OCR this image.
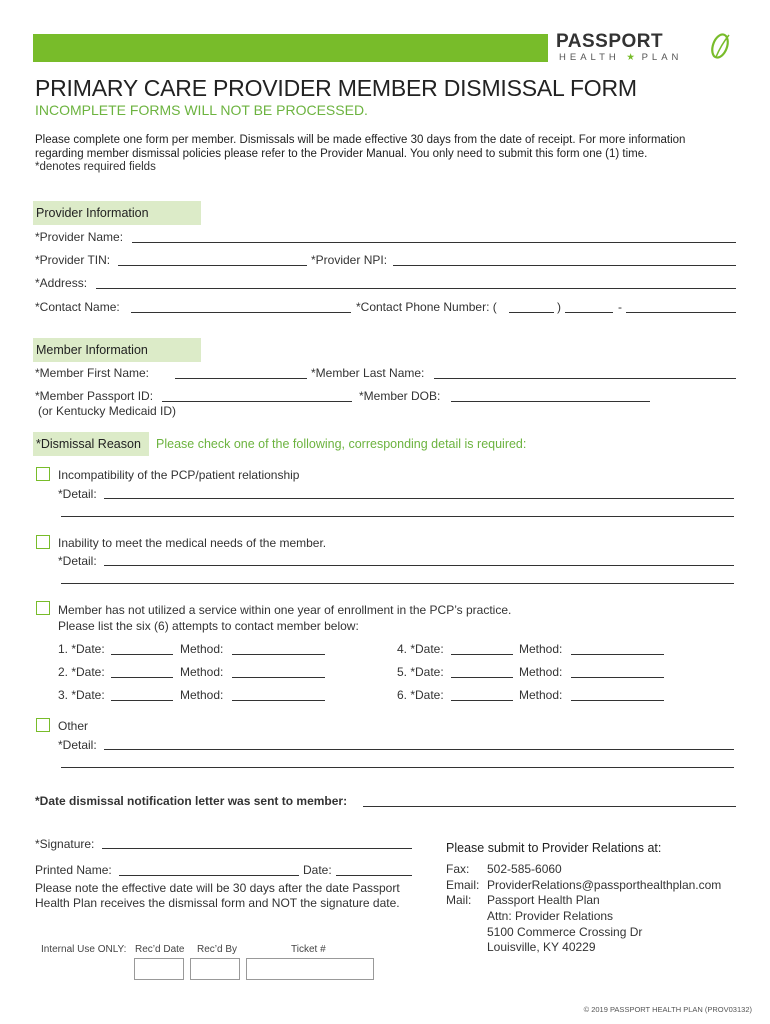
PASSPORT
HEALTH ★ PLAN
PRIMARY CARE PROVIDER MEMBER DISMISSAL FORM
INCOMPLETE FORMS WILL NOT BE PROCESSED.
Please complete one form per member. Dismissals will be made effective 30 days from the date of receipt. For more information regarding member dismissal policies please refer to the Provider Manual. You only need to submit this form one (1) time.
*denotes required fields
Provider Information
*Provider Name:
*Provider TIN:	*Provider NPI:
*Address:
*Contact Name:	*Contact Phone Number: (	)	-
Member Information
*Member First Name:	*Member Last Name:
*Member Passport ID:	*Member DOB:
(or Kentucky Medicaid ID)
*Dismissal Reason	Please check one of the following, corresponding detail is required:
Incompatibility of the PCP/patient relationship
*Detail:
Inability to meet the medical needs of the member.
*Detail:
Member has not utilized a service within one year of enrollment in the PCP’s practice.
Please list the six (6) attempts to contact member below:
1. *Date:	Method:
2. *Date:	Method:
3. *Date:	Method:
4. *Date:	Method:
5. *Date:	Method:
6. *Date:	Method:
Other
*Detail:
*Date dismissal notification letter was sent to member:
*Signature:
Printed Name:	Date:
Please note the effective date will be 30 days after the date Passport Health Plan receives the dismissal form and NOT the signature date.
Internal Use ONLY: Rec’d Date Rec’d By	Ticket #
Please submit to Provider Relations at:
Fax: 502-585-6060
Email: ProviderRelations@passporthealthplan.com
Mail: Passport Health Plan
Attn: Provider Relations
5100 Commerce Crossing Dr
Louisville, KY 40229
© 2019 PASSPORT HEALTH PLAN (PROV03132)
